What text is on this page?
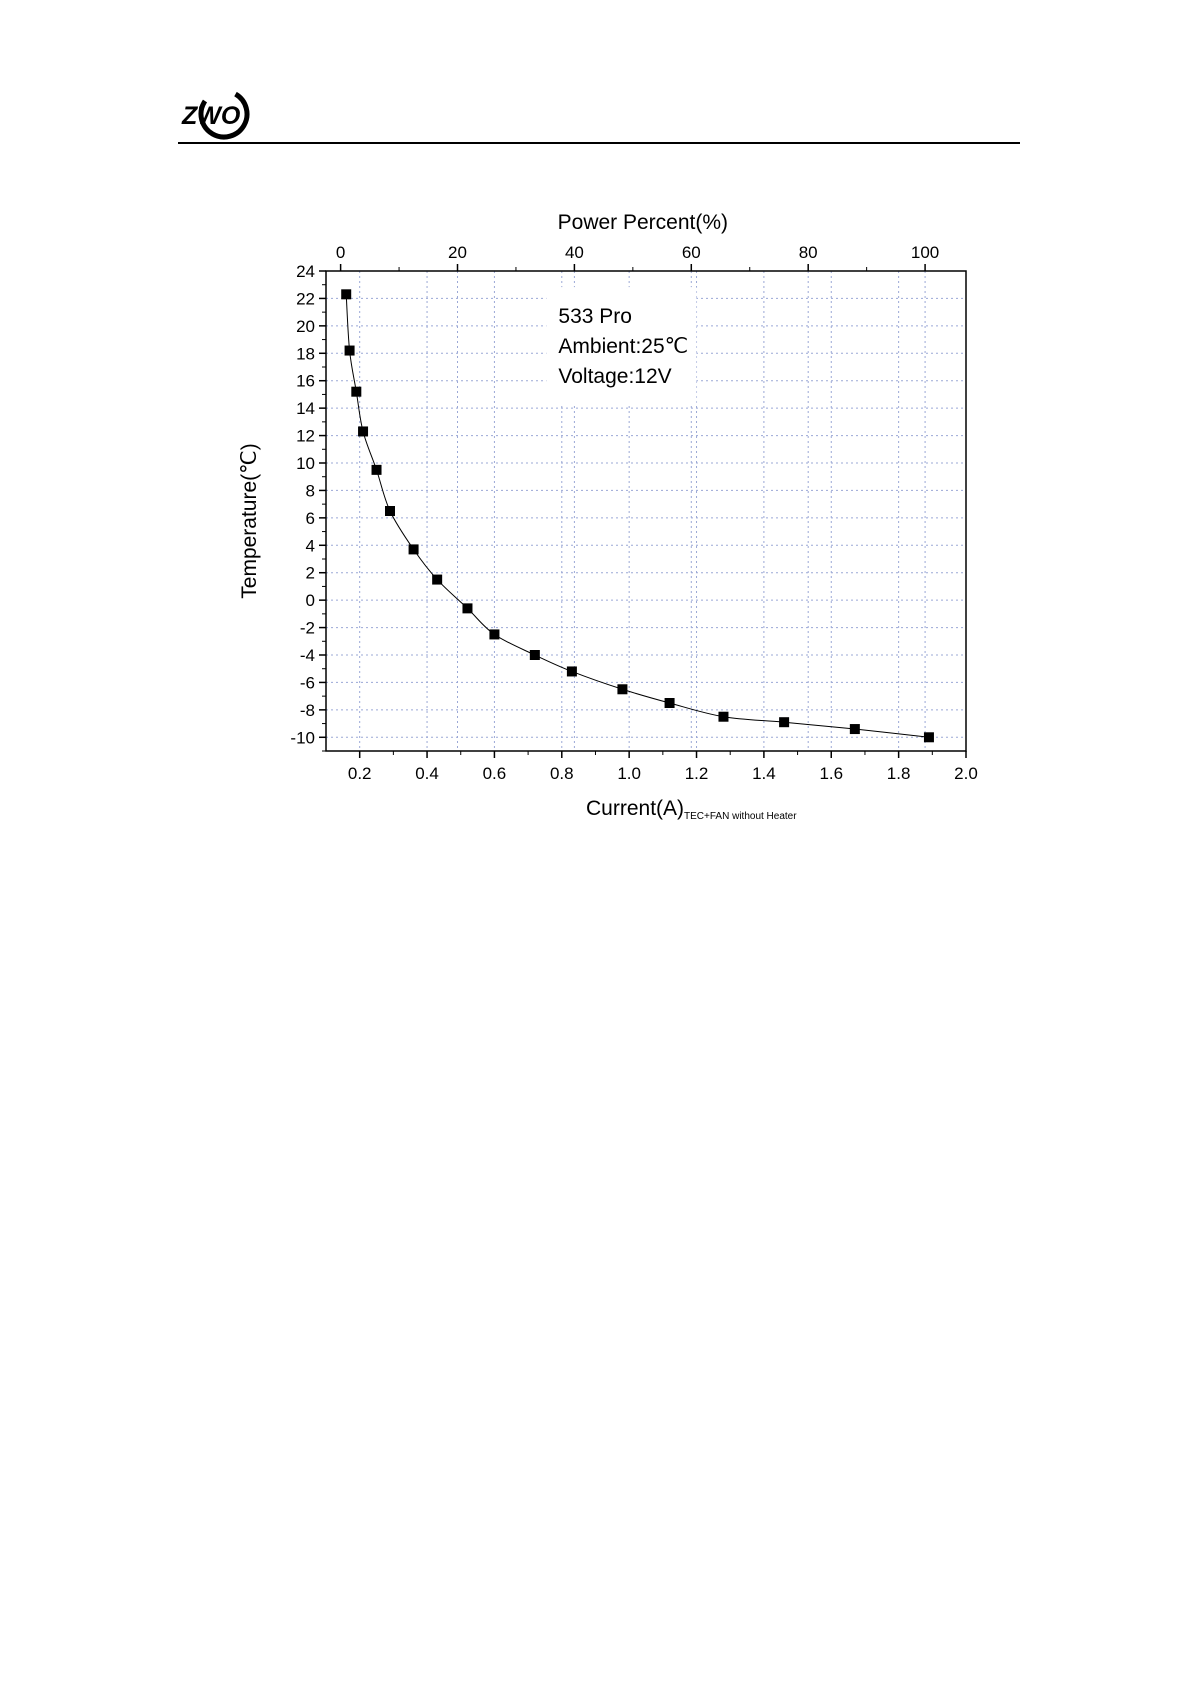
ZWO
0.2	0.4	0.6	0.8	1.0	1.2	1.4	1.6	1.8	2.0
-10
-8
-6
-4
-2
0
2
4
6
8
10
12
14
16
18
20
22
24
0	20	40	60	80	100
Power Percent(%)
Current(A)TEC+FAN without Heater
Temperature(℃)
533 Pro
Ambient:25℃
Voltage:12V
